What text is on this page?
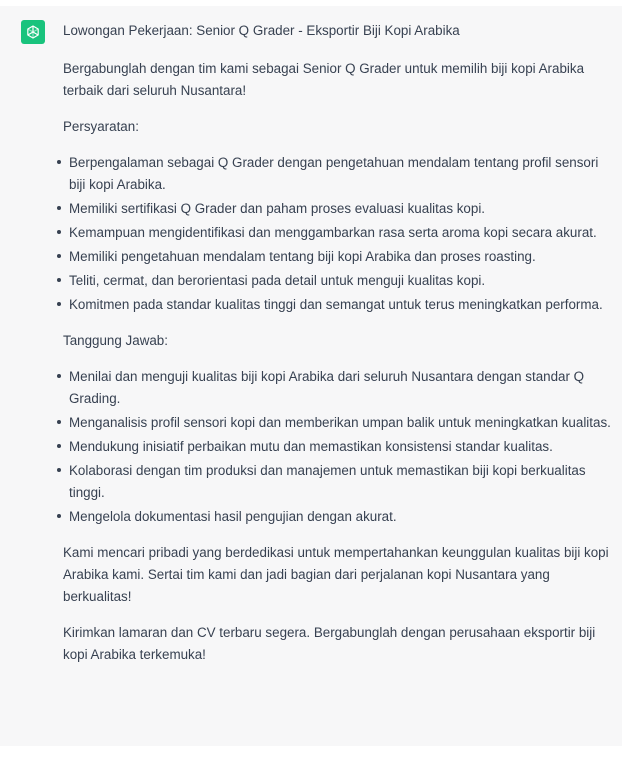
Lowongan Pekerjaan: Senior Q Grader - Eksportir Biji Kopi Arabika

Bergabunglah dengan tim kami sebagai Senior Q Grader untuk memilih biji kopi Arabika terbaik dari seluruh Nusantara!

Persyaratan:

Berpengalaman sebagai Q Grader dengan pengetahuan mendalam tentang profil sensori biji kopi Arabika.
Memiliki sertifikasi Q Grader dan paham proses evaluasi kualitas kopi.
Kemampuan mengidentifikasi dan menggambarkan rasa serta aroma kopi secara akurat.
Memiliki pengetahuan mendalam tentang biji kopi Arabika dan proses roasting.
Teliti, cermat, dan berorientasi pada detail untuk menguji kualitas kopi.
Komitmen pada standar kualitas tinggi dan semangat untuk terus meningkatkan performa.

Tanggung Jawab:

Menilai dan menguji kualitas biji kopi Arabika dari seluruh Nusantara dengan standar Q Grading.
Menganalisis profil sensori kopi dan memberikan umpan balik untuk meningkatkan kualitas.
Mendukung inisiatif perbaikan mutu dan memastikan konsistensi standar kualitas.
Kolaborasi dengan tim produksi dan manajemen untuk memastikan biji kopi berkualitas tinggi.
Mengelola dokumentasi hasil pengujian dengan akurat.

Kami mencari pribadi yang berdedikasi untuk mempertahankan keunggulan kualitas biji kopi Arabika kami. Sertai tim kami dan jadi bagian dari perjalanan kopi Nusantara yang berkualitas!

Kirimkan lamaran dan CV terbaru segera. Bergabunglah dengan perusahaan eksportir biji kopi Arabika terkemuka!
